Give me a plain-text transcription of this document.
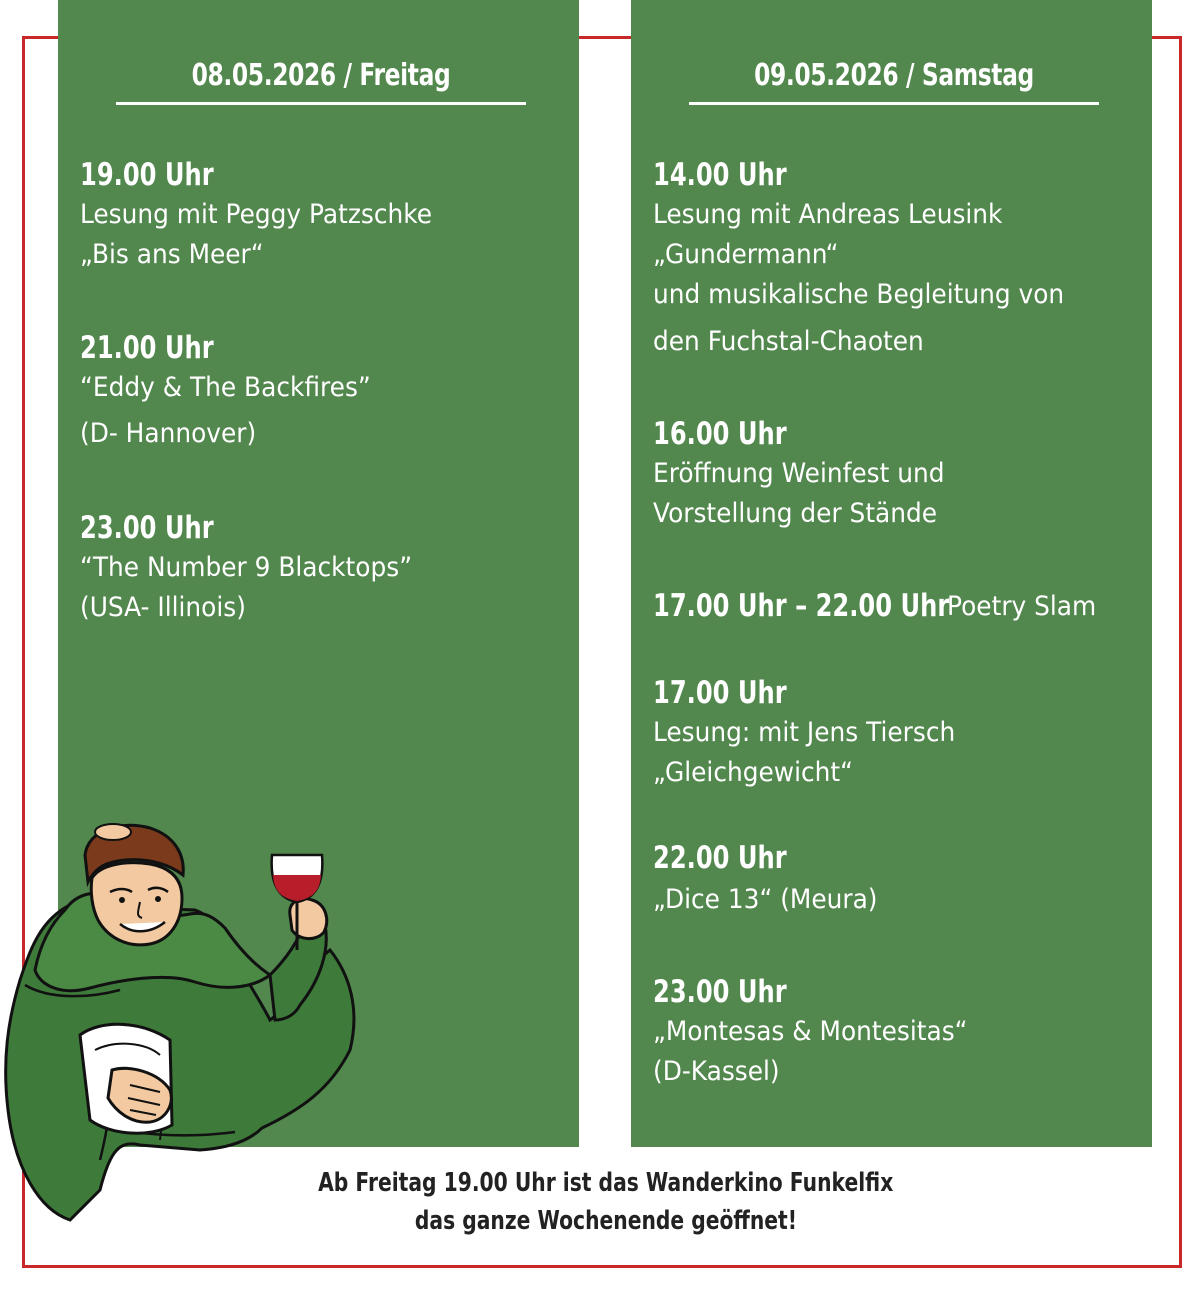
08.05.2026 / Freitag
19.00 Uhr
Lesung mit Peggy Patzschke
„Bis ans Meer“
21.00 Uhr
“Eddy & The Backfires”
(D- Hannover)
23.00 Uhr
“The Number 9 Blacktops”
(USA- Illinois)
09.05.2026 / Samstag
14.00 Uhr
Lesung mit Andreas Leusink
„Gundermann“
und musikalische Begleitung von
den Fuchstal-Chaoten
16.00 Uhr
Eröffnung Weinfest und
Vorstellung der Stände
17.00 Uhr – 22.00 Uhr
Poetry Slam
17.00 Uhr
Lesung: mit Jens Tiersch
„Gleichgewicht“
22.00 Uhr
„Dice 13“ (Meura)
23.00 Uhr
„Montesas & Montesitas“
(D-Kassel)
Ab Freitag 19.00 Uhr ist das Wanderkino Funkelfix
das ganze Wochenende geöffnet!
